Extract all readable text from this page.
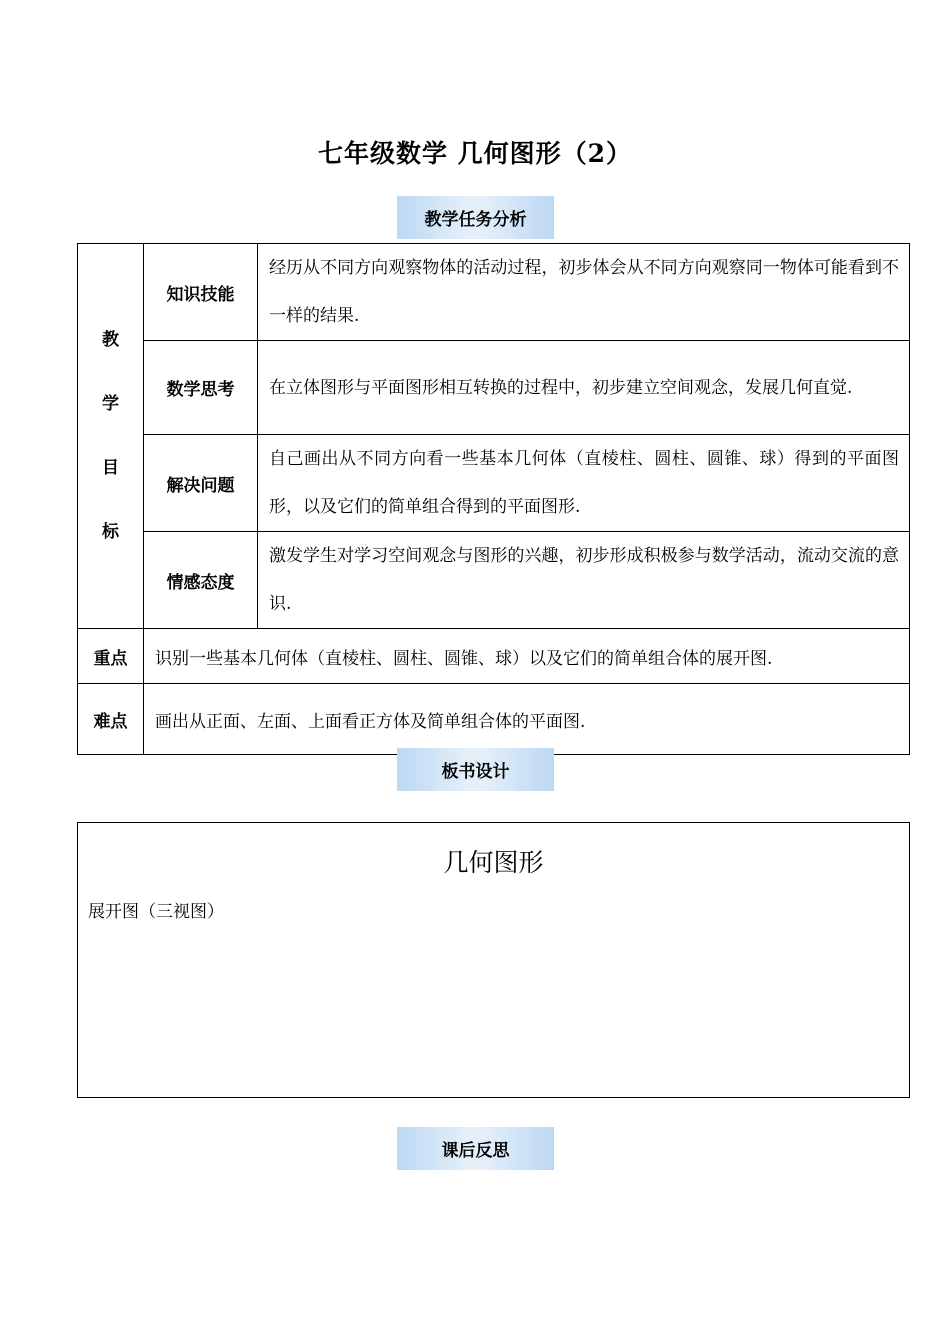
七年级数学 几何图形（2）
教学任务分析
教
学
目
标	知识技能	经历从不同方向观察物体的活动过程，初步体会从不同方向观察同一物体可能看到不一样的结果.
	数学思考	在立体图形与平面图形相互转换的过程中，初步建立空间观念，发展几何直觉.
	解决问题	自己画出从不同方向看一些基本几何体（直棱柱、圆柱、圆锥、球）得到的平面图形，以及它们的简单组合得到的平面图形.
	情感态度	激发学生对学习空间观念与图形的兴趣，初步形成积极参与数学活动，流动交流的意识.
重点	识别一些基本几何体（直棱柱、圆柱、圆锥、球）以及它们的简单组合体的展开图.	
难点	画出从正面、左面、上面看正方体及简单组合体的平面图.	
板书设计
几何图形
展开图（三视图）
课后反思
